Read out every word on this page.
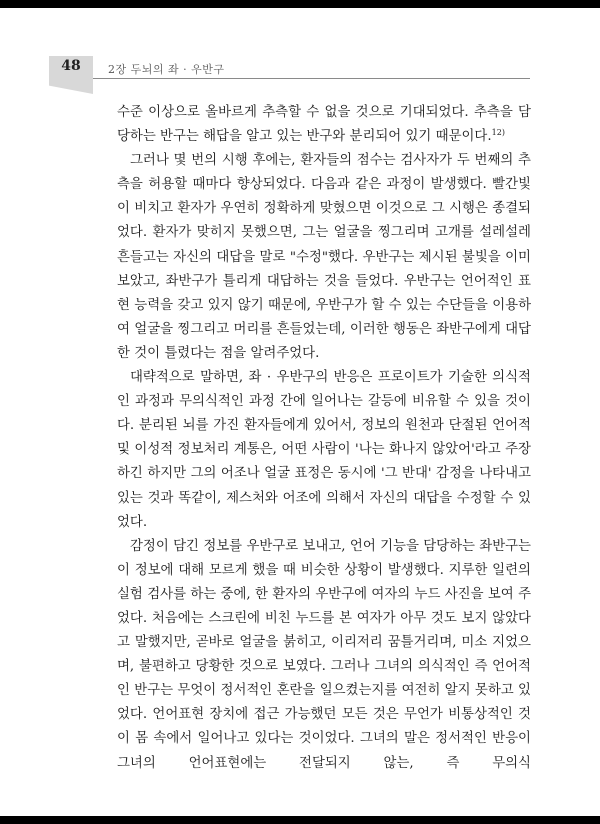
48	2장 두뇌의 좌 · 우반구

수준 이상으로 올바르게 추측할 수 없을 것으로 기대되었다. 추측을 담당하는 반구는 해답을 알고 있는 반구와 분리되어 있기 때문이다.$^{12)}$

그러나 몇 번의 시행 후에는, 환자들의 점수는 검사자가 두 번째의 추측을 허용할 때마다 향상되었다. 다음과 같은 과정이 발생했다. 빨간빛이 비치고 환자가 우연히 정확하게 맞혔으면 이것으로 그 시행은 종결되었다. 환자가 맞히지 못했으면, 그는 얼굴을 찡그리며 고개를 설레설레 흔들고는 자신의 대답을 말로 "수정"했다. 우반구는 제시된 불빛을 이미 보았고, 좌반구가 틀리게 대답하는 것을 들었다. 우반구는 언어적인 표현 능력을 갖고 있지 않기 때문에, 우반구가 할 수 있는 수단들을 이용하여 얼굴을 찡그리고 머리를 흔들었는데, 이러한 행동은 좌반구에게 대답한 것이 틀렸다는 점을 알려주었다.

대략적으로 말하면, 좌 · 우반구의 반응은 프로이트가 기술한 의식적인 과정과 무의식적인 과정 간에 일어나는 갈등에 비유할 수 있을 것이다. 분리된 뇌를 가진 환자들에게 있어서, 정보의 원천과 단절된 언어적 및 이성적 정보처리 계통은, 어떤 사람이 '나는 화나지 않았어'라고 주장하긴 하지만 그의 어조나 얼굴 표정은 동시에 '그 반대' 감정을 나타내고 있는 것과 똑같이, 제스처와 어조에 의해서 자신의 대답을 수정할 수 있었다.

감정이 담긴 정보를 우반구로 보내고, 언어 기능을 담당하는 좌반구는 이 정보에 대해 모르게 했을 때 비슷한 상황이 발생했다. 지루한 일련의 실험 검사를 하는 중에, 한 환자의 우반구에 여자의 누드 사진을 보여 주었다. 처음에는 스크린에 비친 누드를 본 여자가 아무 것도 보지 않았다고 말했지만, 곧바로 얼굴을 붉히고, 이리저리 꿈틀거리며, 미소 지었으며, 불편하고 당황한 것으로 보였다. 그러나 그녀의 의식적인 즉 언어적인 반구는 무엇이 정서적인 혼란을 일으켰는지를 여전히 알지 못하고 있었다. 언어표현 장치에 접근 가능했던 모든 것은 무언가 비통상적인 것이 몸 속에서 일어나고 있다는 것이었다. 그녀의 말은 정서적인 반응이 그녀의 언어표현에는 전달되지 않는, 즉 무의식
